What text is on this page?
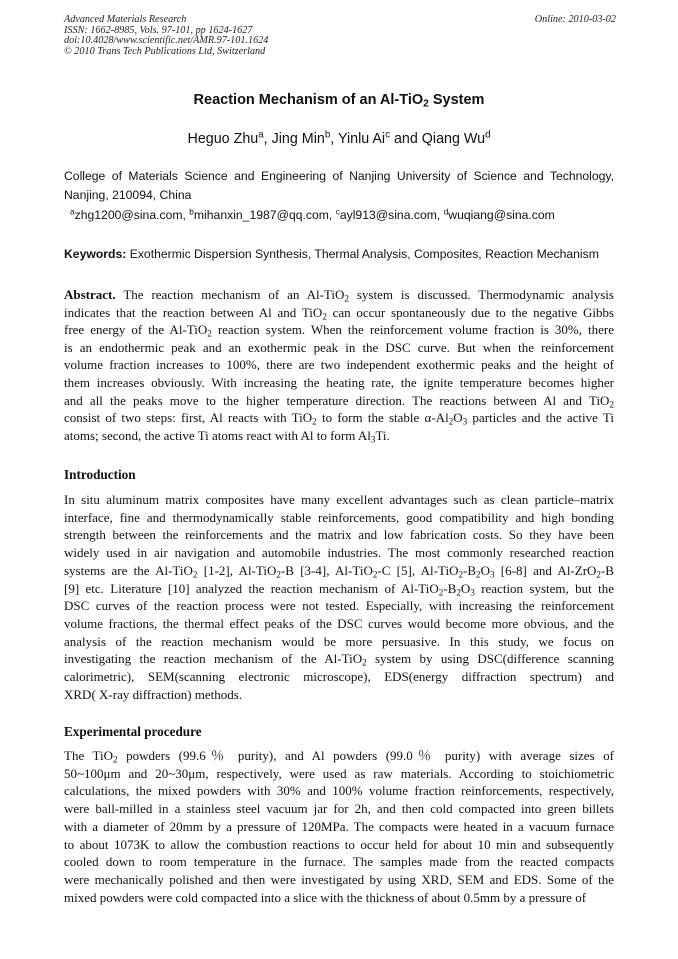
Advanced Materials Research
ISSN: 1662-8985, Vols. 97-101, pp 1624-1627
doi:10.4028/www.scientific.net/AMR.97-101.1624
© 2010 Trans Tech Publications Ltd, Switzerland
Online: 2010-03-02
Reaction Mechanism of an Al-TiO$_2$ System
Heguo Zhu$^a$, Jing Min$^b$, Yinlu Ai$^c$ and Qiang Wu$^d$
College of Materials Science and Engineering of Nanjing University of Science and Technology,
Nanjing, 210094, China
$^a$zhg1200@sina.com, $^b$mihanxin_1987@qq.com, $^c$ayl913@sina.com, $^d$wuqiang@sina.com
Keywords: Exothermic Dispersion Synthesis, Thermal Analysis, Composites, Reaction Mechanism
Abstract. The reaction mechanism of an Al-TiO$_2$ system is discussed. Thermodynamic analysis
indicates that the reaction between Al and TiO$_2$ can occur spontaneously due to the negative Gibbs
free energy of the Al-TiO$_2$ reaction system. When the reinforcement volume fraction is 30%, there
is an endothermic peak and an exothermic peak in the DSC curve. But when the reinforcement
volume fraction increases to 100%, there are two independent exothermic peaks and the height of
them increases obviously. With increasing the heating rate, the ignite temperature becomes higher
and all the peaks move to the higher temperature direction. The reactions between Al and TiO$_2$
consist of two steps: first, Al reacts with TiO$_2$ to form the stable $\alpha-Al_2O_3$ particles and the active Ti
atoms; second, the active Ti atoms react with Al to form $Al_3Ti$.
Introduction
In situ aluminum matrix composites have many excellent advantages such as clean particle–matrix
interface, fine and thermodynamically stable reinforcements, good compatibility and high bonding
strength between the reinforcements and the matrix and low fabrication costs. So they have been
widely used in air navigation and automobile industries. The most commonly researched reaction
systems are the Al-TiO$_2$ [1-2], Al-TiO$_2$-B [3-4], Al-TiO$_2$-C [5], $Al-TiO_2-B_2O_3$ [6-8] and Al-ZrO$_2$-B
[9] etc. Literature [10] analyzed the reaction mechanism of $Al-TiO_2-B_2O_3$ reaction system, but the
DSC curves of the reaction process were not tested. Especially, with increasing the reinforcement
volume fractions, the thermal effect peaks of the DSC curves would become more obvious, and the
analysis of the reaction mechanism would be more persuasive. In this study, we focus on
investigating the reaction mechanism of the Al-TiO$_2$ system by using DSC(difference scanning
calorimetric), SEM(scanning electronic microscope), EDS(energy diffraction spectrum) and
XRD( X-ray diffraction) methods.
Experimental procedure
The TiO$_2$ powders (99.6％ purity), and Al powders (99.0％ purity) with average sizes of
50~100μm and 20~30μm, respectively, were used as raw materials. According to stoichiometric
calculations, the mixed powders with 30% and 100% volume fraction reinforcements, respectively,
were ball-milled in a stainless steel vacuum jar for 2h, and then cold compacted into green billets
with a diameter of 20mm by a pressure of 120MPa. The compacts were heated in a vacuum furnace
to about 1073K to allow the combustion reactions to occur held for about 10 min and subsequently
cooled down to room temperature in the furnace. The samples made from the reacted compacts
were mechanically polished and then were investigated by using XRD, SEM and EDS. Some of the
mixed powders were cold compacted into a slice with the thickness of about 0.5mm by a pressure of
